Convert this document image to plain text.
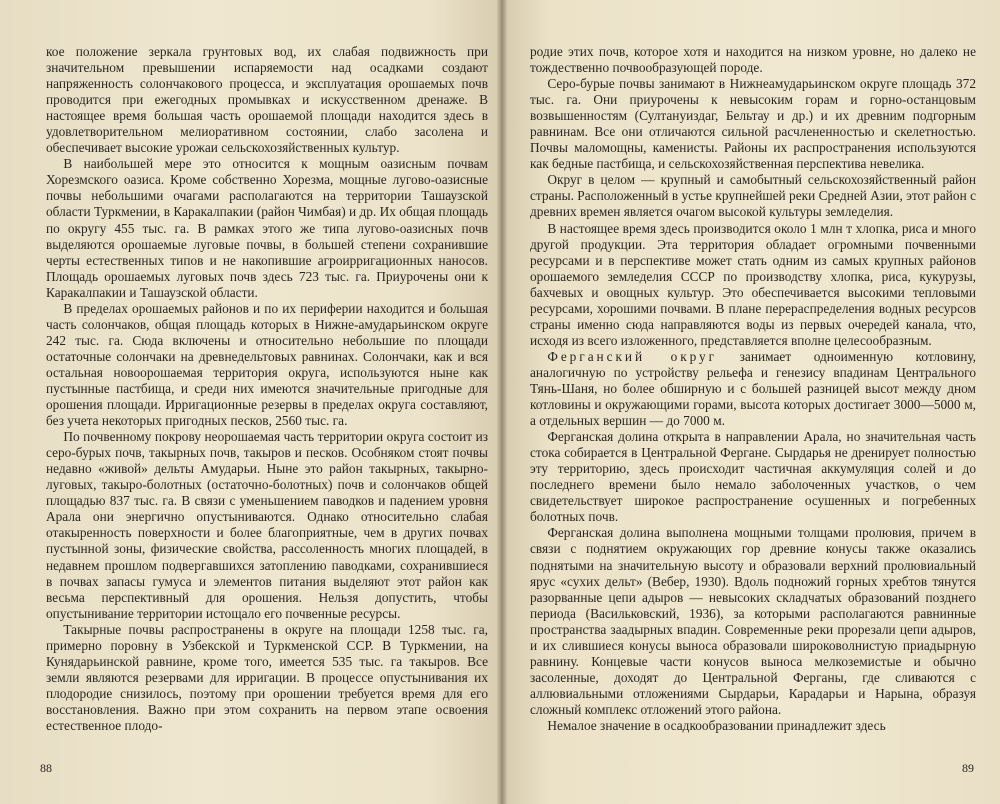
кое положение зеркала грунтовых вод, их слабая подвижность при значительном превышении испаряемости над осадками создают напряженность солончакового процесса, и эксплуатация орошаемых почв проводится при ежегодных промывках и искусственном дренаже. В настоящее время большая часть орошаемой площади находится здесь в удовлетворительном мелиоративном состоянии, слабо засолена и обеспечивает высокие урожаи сельскохозяйственных культур.

В наибольшей мере это относится к мощным оазисным почвам Хорезмского оазиса. Кроме собственно Хорезма, мощные лугово-оазисные почвы небольшими очагами располагаются на территории Ташаузской области Туркмении, в Каракалпакии (район Чимбая) и др. Их общая площадь по округу 455 тыс. га. В рамках этого же типа лугово-оазисных почв выделяются орошаемые луговые почвы, в большей степени сохранившие черты естественных типов и не накопившие агроирригационных наносов. Площадь орошаемых луговых почв здесь 723 тыс. га. Приурочены они к Каракалпакии и Ташаузской области.

В пределах орошаемых районов и по их периферии находится и большая часть солончаков, общая площадь которых в Нижне-амударьинском округе 242 тыс. га. Сюда включены и относительно небольшие по площади остаточные солончаки на древнедельтовых равнинах. Солончаки, как и вся остальная новоорошаемая территория округа, используются ныне как пустынные пастбища, и среди них имеются значительные пригодные для орошения площади. Ирригационные резервы в пределах округа составляют, без учета некоторых пригодных песков, 2560 тыс. га.

По почвенному покрову неорошаемая часть территории округа состоит из серо-бурых почв, такырных почв, такыров и песков. Особняком стоят почвы недавно «живой» дельты Амударьи. Ныне это район такырных, такырно-луговых, такыро-болотных (остаточно-болотных) почв и солончаков общей площадью 837 тыс. га. В связи с уменьшением паводков и падением уровня Арала они энергично опустыниваются. Однако относительно слабая отакыренность поверхности и более благоприятные, чем в других почвах пустынной зоны, физические свойства, рассоленность многих площадей, в недавнем прошлом подвергавшихся затоплению паводками, сохранившиеся в почвах запасы гумуса и элементов питания выделяют этот район как весьма перспективный для орошения. Нельзя допустить, чтобы опустынивание территории истощало его почвенные ресурсы.

Такырные почвы распространены в округе на площади 1258 тыс. га, примерно поровну в Узбекской и Туркменской ССР. В Туркмении, на Кунядарьинской равнине, кроме того, имеется 535 тыс. га такыров. Все земли являются резервами для ирригации. В процессе опустынивания их плодородие снизилось, поэтому при орошении требуется время для его восстановления. Важно при этом сохранить на первом этапе освоения естественное плодо-

88

родие этих почв, которое хотя и находится на низком уровне, но далеко не тождественно почвообразующей породе.

Серо-бурые почвы занимают в Нижнеамударьинском округе площадь 372 тыс. га. Они приурочены к невысоким горам и горно-останцовым возвышенностям (Султануиздаг, Бельтау и др.) и их древним подгорным равнинам. Все они отличаются сильной расчлененностью и скелетностью. Почвы маломощны, каменисты. Районы их распространения используются как бедные пастбища, и сельскохозяйственная перспектива невелика.

Округ в целом — крупный и самобытный сельскохозяйственный район страны. Расположенный в устье крупнейшей реки Средней Азии, этот район с древних времен является очагом высокой культуры земледелия.

В настоящее время здесь производится около 1 млн т хлопка, риса и много другой продукции. Эта территория обладает огромными почвенными ресурсами и в перспективе может стать одним из самых крупных районов орошаемого земледелия СССР по производству хлопка, риса, кукурузы, бахчевых и овощных культур. Это обеспечивается высокими тепловыми ресурсами, хорошими почвами. В плане перераспределения водных ресурсов страны именно сюда направляются воды из первых очередей канала, что, исходя из всего изложенного, представляется вполне целесообразным.

Ферганский округ занимает одноименную котловину, аналогичную по устройству рельефа и генезису впадинам Центрального Тянь-Шаня, но более обширную и с большей разницей высот между дном котловины и окружающими горами, высота которых достигает 3000—5000 м, а отдельных вершин — до 7000 м.

Ферганская долина открыта в направлении Арала, но значительная часть стока собирается в Центральной Фергане. Сырдарья не дренирует полностью эту территорию, здесь происходит частичная аккумуляция солей и до последнего времени было немало заболоченных участков, о чем свидетельствует широкое распространение осушенных и погребенных болотных почв.

Ферганская долина выполнена мощными толщами пролювия, причем в связи с поднятием окружающих гор древние конусы также оказались поднятыми на значительную высоту и образовали верхний пролювиальный ярус «сухих дельт» (Вебер, 1930). Вдоль подножий горных хребтов тянутся разорванные цепи адыров — невысоких складчатых образований позднего периода (Васильковский, 1936), за которыми располагаются равнинные пространства заадырных впадин. Современные реки прорезали цепи адыров, и их слившиеся конусы выноса образовали широковолнистую приадырную равнину. Концевые части конусов выноса мелкоземистые и обычно засоленные, доходят до Центральной Ферганы, где сливаются с аллювиальными отложениями Сырдарьи, Карадарьи и Нарына, образуя сложный комплекс отложений этого района.

Немалое значение в осадкообразовании принадлежит здесь

89
